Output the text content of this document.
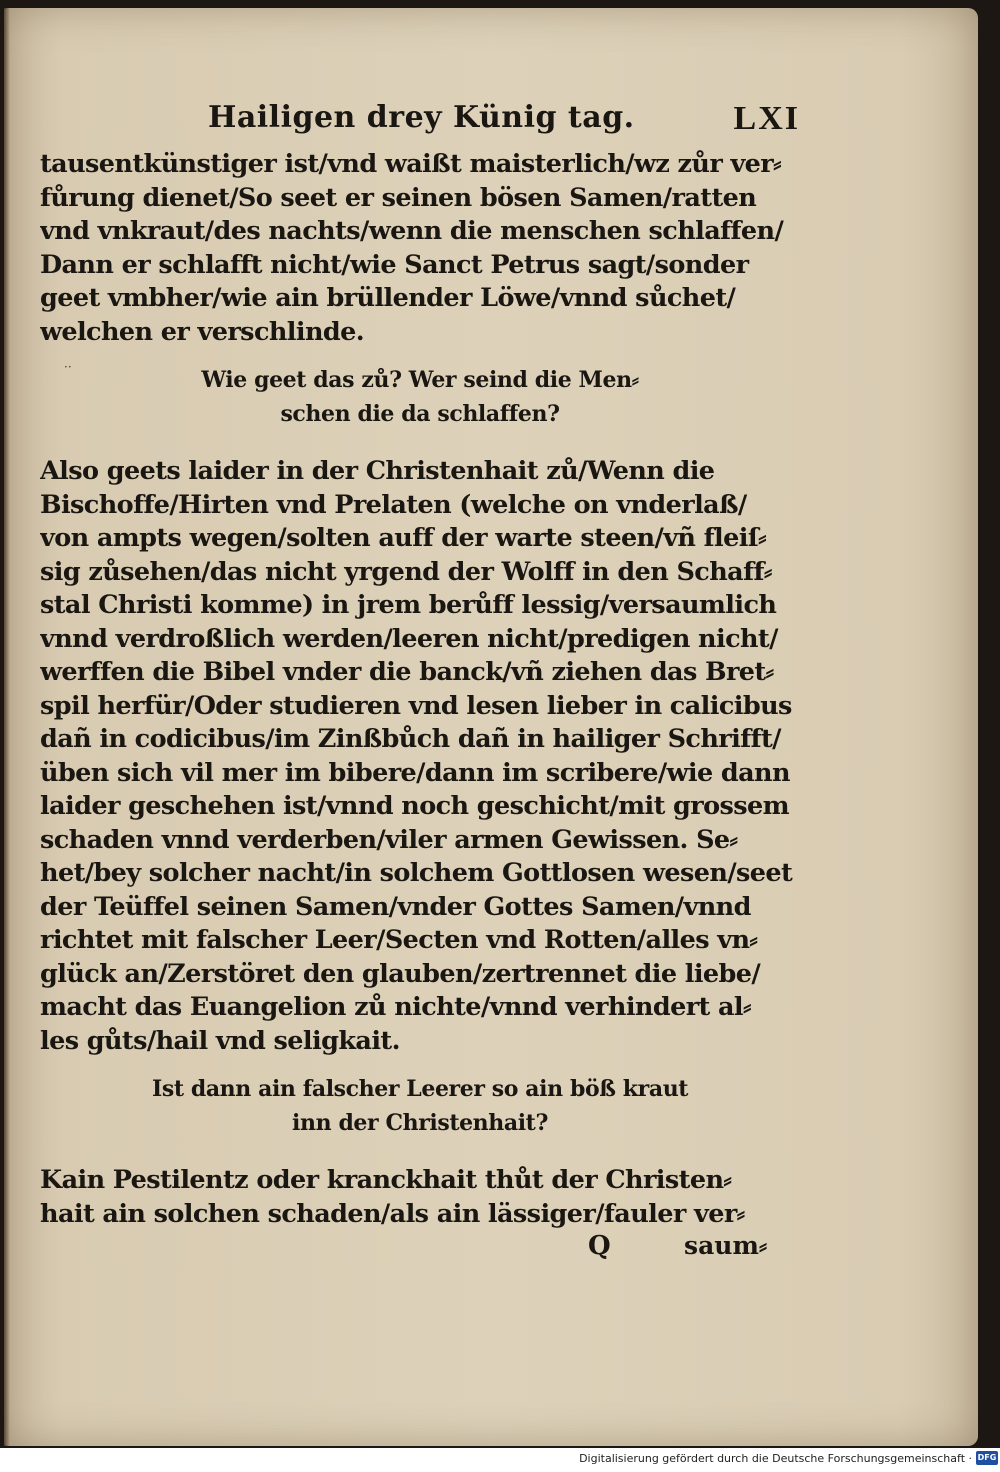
··
Hailigen drey Künig tag.	LXI
tausentkünstiger ist/vnd waißt maisterlich/wz zůr ver⸗
fůrung dienet/So seet er seinen bösen Samen/ratten
vnd vnkraut/des nachts/wenn die menschen schlaffen/
Dann er schlafft nicht/wie Sanct Petrus sagt/sonder
geet vmbher/wie ain brüllender Löwe/vnnd sůchet/
welchen er verschlinde.
Wie geet das zů? Wer seind die Men⸗
schen die da schlaffen?
Also geets laider in der Christenhait zů/Wenn die
Bischoffe/Hirten vnd Prelaten (welche on vnderlaß/
von ampts wegen/solten auff der warte steen/vñ fleiſ⸗
sig zůsehen/das nicht yrgend der Wolff in den Schaff⸗
stal Christi komme) in jrem berůff lessig/versaumlich
vnnd verdroßlich werden/leeren nicht/predigen nicht/
werffen die Bibel vnder die banck/vñ ziehen das Bret⸗
spil herfür/Oder studieren vnd lesen lieber in calicibus
dañ in codicibus/im Zinßbůch dañ in hailiger Schrifft/
üben sich vil mer im bibere/dann im scribere/wie dann
laider geschehen ist/vnnd noch geschicht/mit grossem
schaden vnnd verderben/viler armen Gewissen. Se⸗
het/bey solcher nacht/in solchem Gottlosen wesen/seet
der Teüffel seinen Samen/vnder Gottes Samen/vnnd
richtet mit falscher Leer/Secten vnd Rotten/alles vn⸗
glück an/Zerstöret den glauben/zertrennet die liebe/
macht das Euangelion zů nichte/vnnd verhindert al⸗
les gůts/hail vnd seligkait.
Ist dann ain falscher Leerer so ain böß kraut
inn der Christenhait?
Kain Pestilentz oder kranckhait thůt der Christen⸗
hait ain solchen schaden/als ain lässiger/fauler ver⸗
Q	saum⸗
Digitalisierung gefördert durch die Deutsche Forschungsgemeinschaft · DFG
